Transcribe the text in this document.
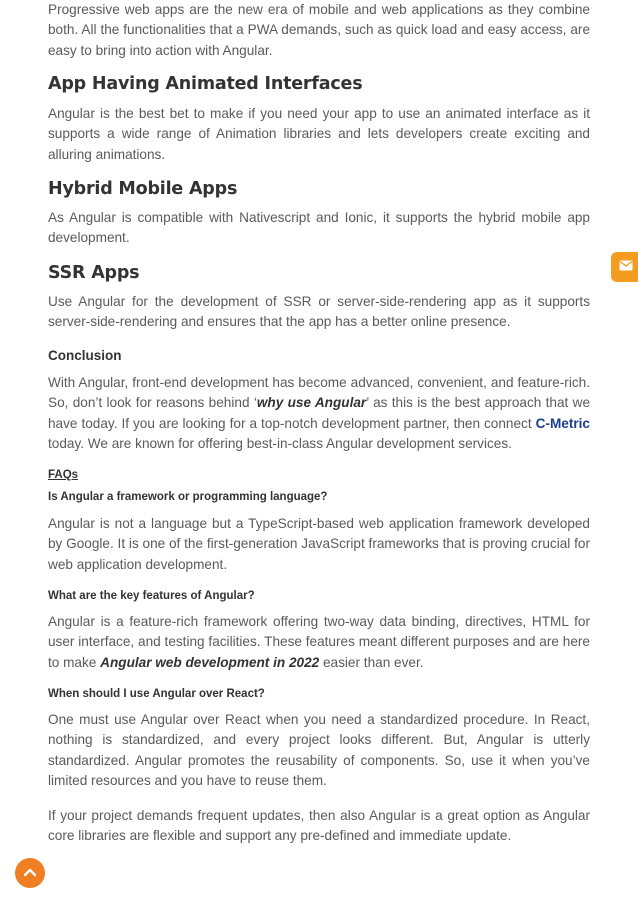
Progressive web apps are the new era of mobile and web applications as they combine both. All the functionalities that a PWA demands, such as quick load and easy access, are easy to bring into action with Angular.

App Having Animated Interfaces

Angular is the best bet to make if you need your app to use an animated interface as it supports a wide range of Animation libraries and lets developers create exciting and alluring animations.

Hybrid Mobile Apps

As Angular is compatible with Nativescript and Ionic, it supports the hybrid mobile app development.

SSR Apps

Use Angular for the development of SSR or server-side-rendering app as it supports server-side-rendering and ensures that the app has a better online presence.

Conclusion

With Angular, front-end development has become advanced, convenient, and feature-rich. So, don’t look for reasons behind ‘why use Angular’ as this is the best approach that we have today. If you are looking for a top-notch development partner, then connect C-Metric today. We are known for offering best-in-class Angular development services.

FAQs
Is Angular a framework or programming language?

Angular is not a language but a TypeScript-based web application framework developed by Google. It is one of the first-generation JavaScript frameworks that is proving crucial for web application development.

What are the key features of Angular?

Angular is a feature-rich framework offering two-way data binding, directives, HTML for user interface, and testing facilities. These features meant different purposes and are here to make Angular web development in 2022 easier than ever.

When should I use Angular over React?

One must use Angular over React when you need a standardized procedure. In React, nothing is standardized, and every project looks different. But, Angular is utterly standardized. Angular promotes the reusability of components. So, use it when you’ve limited resources and you have to reuse them.

If your project demands frequent updates, then also Angular is a great option as Angular core libraries are flexible and support any pre-defined and immediate update.
